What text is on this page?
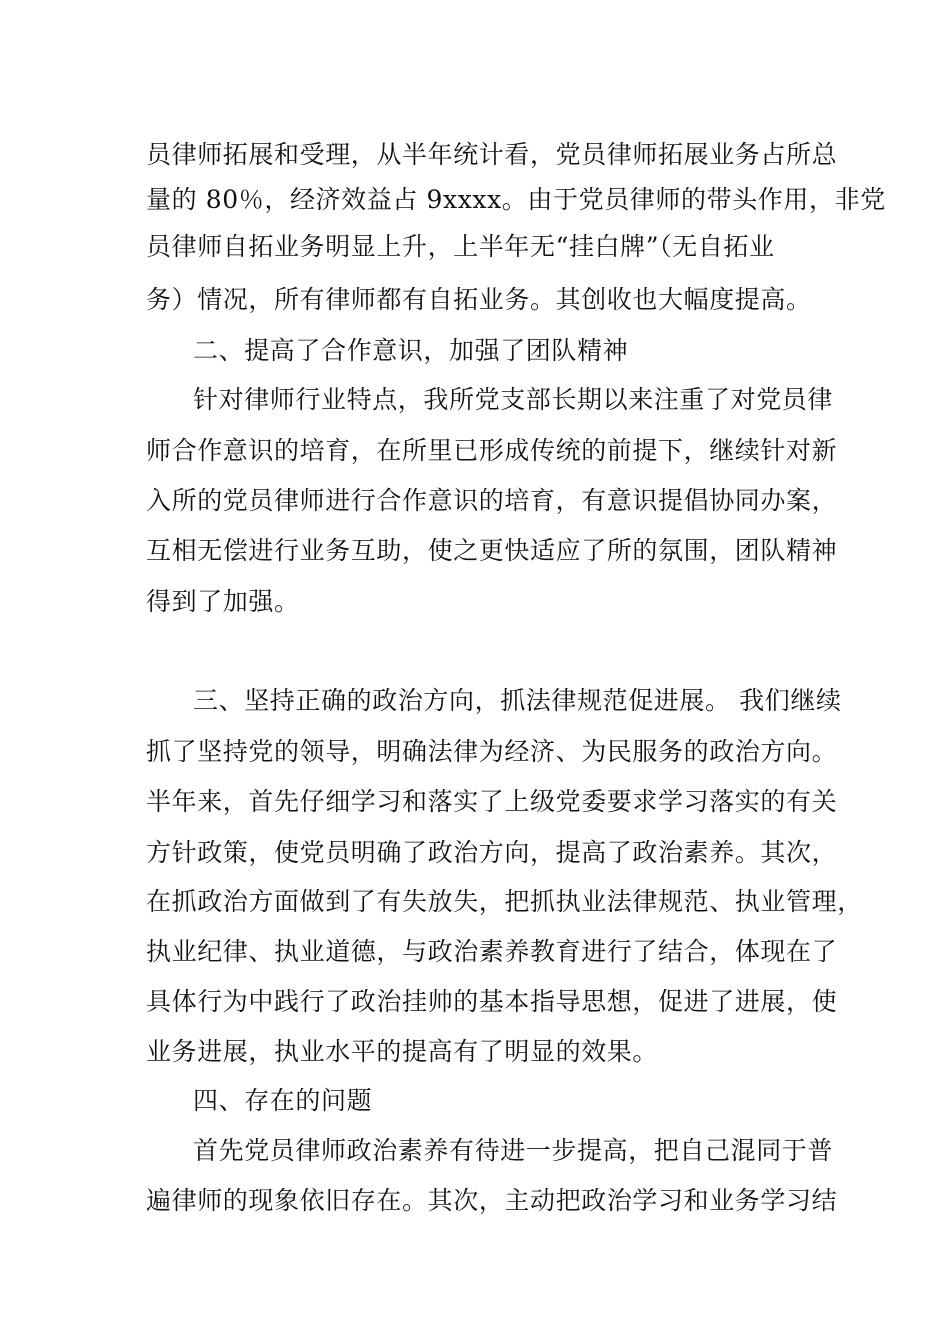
员律师拓展和受理，从半年统计看，党员律师拓展业务占所总
量的 80％，经济效益占 9xxxx。由于党员律师的带头作用，非党
员律师自拓业务明显上升，上半年无“挂白牌”（无自拓业
务）情况，所有律师都有自拓业务。其创收也大幅度提高。
二、提高了合作意识，加强了团队精神
针对律师行业特点，我所党支部长期以来注重了对党员律
师合作意识的培育，在所里已形成传统的前提下，继续针对新
入所的党员律师进行合作意识的培育，有意识提倡协同办案，
互相无偿进行业务互助，使之更快适应了所的氛围，团队精神
得到了加强。
三、坚持正确的政治方向，抓法律规范促进展。 我们继续
抓了坚持党的领导，明确法律为经济、为民服务的政治方向。
半年来，首先仔细学习和落实了上级党委要求学习落实的有关
方针政策，使党员明确了政治方向，提高了政治素养。其次，
在抓政治方面做到了有失放失，把抓执业法律规范、执业管理，
执业纪律、执业道德，与政治素养教育进行了结合，体现在了
具体行为中践行了政治挂帅的基本指导思想，促进了进展，使
业务进展，执业水平的提高有了明显的效果。
四、存在的问题
首先党员律师政治素养有待进一步提高，把自己混同于普
遍律师的现象依旧存在。其次，主动把政治学习和业务学习结
